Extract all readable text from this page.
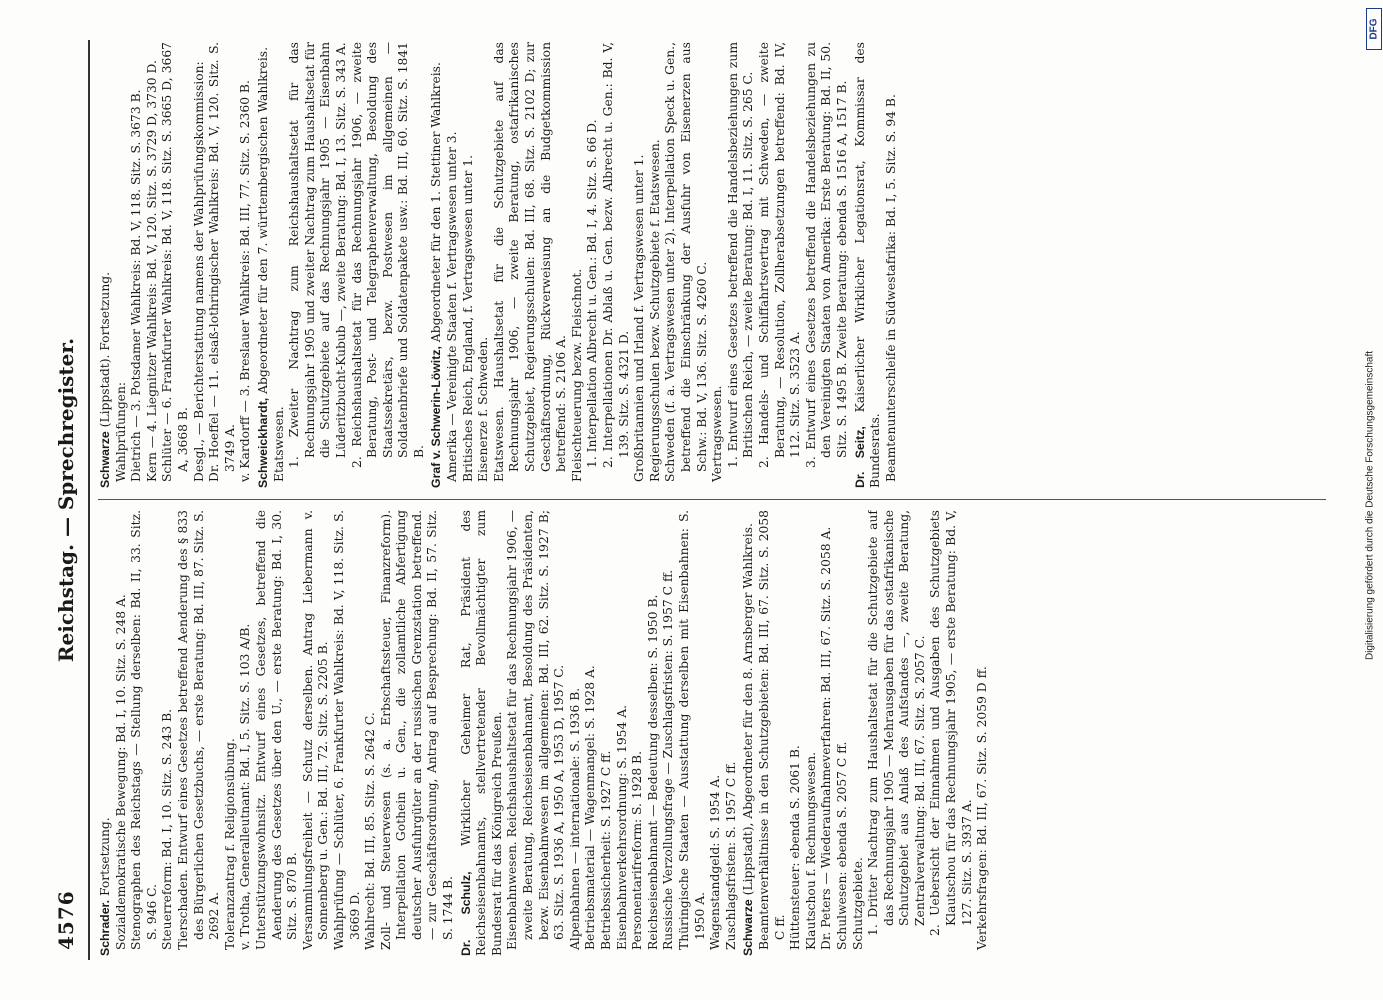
4576
Reichstag. — Sprechregister.

Schrader. Fortsetzung. Sozialdemokratische Bewegung: Bd. I, 10. Sitz. S. 248 A. Stenographen des Reichstags — Stellung derselben: Bd. II, 33. Sitz. S. 946 C. Steuerreform: Bd. I, 10. Sitz. S. 243 B. Tierschaden. Entwurf eines Gesetzes betreffend Aenderung des § 833 des Bürgerlichen Gesetzbuchs, — erste Beratung: Bd. III, 87. Sitz. S. 2692 A. Toleranzantrag f. Religionsübung. v. Trotha, Generalleutnant: Bd. I, 5. Sitz. S. 103 A/B. Unterstützungswohnsitz. Entwurf eines Gesetzes, betreffend die Aenderung des Gesetzes über den U., — erste Beratung: Bd. I, 30. Sitz. S. 870 B. Versammlungsfreiheit — Schutz derselben. Antrag Liebermann v. Sonnenberg u. Gen.: Bd. III, 72. Sitz. S. 2205 B. Wahlprüfung — Schlüter, 6. Frankfurter Wahlkreis: Bd. V, 118. Sitz. S. 3669 D. Wahlrecht: Bd. III, 85. Sitz. S. 2642 C. Zoll- und Steuerwesen (s. a. Erbschaftssteuer, Finanzreform). Interpellation Gothein u. Gen., die zollamtliche Abfertigung deutscher Ausfuhrgüter an der russischen Grenzstation betreffend. — zur Geschäftsordnung, Antrag auf Besprechung: Bd. II, 57. Sitz. S. 1744 B. Dr. Schulz, Wirklicher Geheimer Rat, Präsident des Reichseisenbahnamts, stellvertretender Bevollmächtigter zum Bundesrat für das Königreich Preußen. Eisenbahnwesen. Reichshaushaltsetat für das Rechnungsjahr 1906, — zweite Beratung, Reichseisenbahnamt, Besoldung des Präsidenten, bezw. Eisenbahnwesen im allgemeinen: Bd. III, 62. Sitz. S. 1927 B; 63. Sitz. S. 1936 A, 1950 A, 1953 D, 1957 C. Alpenbahnen — internationale: S. 1936 B. Betriebsmaterial — Wagenmangel: S. 1928 A. Betriebssicherheit: S. 1927 C ff. Eisenbahnverkehrsordnung: S. 1954 A. Personentarifreform: S. 1928 B. Reichseisenbahnamt — Bedeutung desselben: S. 1950 B. Russische Verzollungsfrage — Zuschlagsfristen: S. 1957 C ff. Thüringische Staaten — Ausstattung derselben mit Eisenbahnen: S. 1950 A. Wagenstandgeld: S. 1954 A. Zuschlagsfristen: S. 1957 C ff. Schwarze (Lippstadt), Abgeordneter für den 8. Arnsberger Wahlkreis. Beamtenverhältnisse in den Schutzgebieten: Bd. III, 67. Sitz. S. 2058 C ff. Hüttensteuer: ebenda S. 2061 B. Klautschou f. Rechnungswesen. Dr. Peters — Wiederaufnahmeverfahren: Bd. III, 67. Sitz. S. 2058 A. Schulwesen: ebenda S. 2057 C ff. Schutzgebiete. 1. Dritter Nachtrag zum Haushaltsetat für die Schutzgebiete auf das Rechnungsjahr 1905 — Mehrausgaben für das ostafrikanische Schutzgebiet aus Anlaß des Aufstandes —, zweite Beratung, Zentralverwaltung: Bd. III, 67. Sitz. S. 2057 C. 2. Uebersicht der Einnahmen und Ausgaben des Schutzgebiets Klautschou für das Rechnungsjahr 1905, — erste Beratung: Bd. V, 127. Sitz. S. 3937 A. Verkehrsfragen: Bd. III, 67. Sitz. S. 2059 D ff.

Schwarze (Lippstadt). Fortsetzung.

Wahlprüfungen: Dietrich — 3. Potsdamer Wahlkreis: Bd. V, 118. Sitz. S. 3673 B. Kern — 4. Liegnitzer Wahlkreis: Bd. V, 120. Sitz. S. 3729 D, 3730 D. Schlüter — 6. Frankfurter Wahlkreis: Bd. V, 118. Sitz. S. 3665 D, 3667 A, 3668 B. Desgl., — Berichterstattung namens der Wahlprüfungskommission: Dr. Hoeffel — 11. elsaß-lothringischer Wahlkreis: Bd. V, 120. Sitz. S. 3749 A. v. Kardorff — 3. Breslauer Wahlkreis: Bd. III, 77. Sitz. S. 2360 B. Schweickhardt, Abgeordneter für den 7. württembergischen Wahlkreis.

Etatswesen. 1. Zweiter Nachtrag zum Reichshaushaltsetat für das Rechnungsjahr 1905 und zweiter Nachtrag zum Haushaltsetat für die Schutzgebiete auf das Rechnungsjahr 1905 — Eisenbahn Lüderitzbucht-Kubub —, zweite Beratung: Bd. I, 13. Sitz. S. 343 A. 2. Reichshaushaltsetat für das Rechnungsjahr 1906, — zweite Beratung, Post- und Telegraphenverwaltung, Besoldung des Staatssekretärs, bezw. Postwesen im allgemeinen — Soldatenbriefe und Soldatenpakete usw.: Bd. III, 60. Sitz. S. 1841 B. Graf v. Schwerin-Löwitz, Abgeordneter für den 1. Stettiner Wahlkreis. Amerika — Vereinigte Staaten f. Vertragswesen unter 3. Britisches Reich, England, f. Vertragswesen unter 1. Eisenerze f. Schweden. Etatswesen. Haushaltsetat für die Schutzgebiete auf das Rechnungsjahr 1906, — zweite Beratung, ostafrikanisches Schutzgebiet, Regierungsschulen: Bd. III, 68. Sitz. S. 2102 D; zur Geschäftsordnung, Rückverweisung an die Budgetkommission betreffend: S. 2106 A. Fleischteuerung bezw. Fleischnot. 1. Interpellation Albrecht u. Gen.: Bd. I, 4. Sitz. S. 66 D. 2. Interpellationen Dr. Ablaß u. Gen. bezw. Albrecht u. Gen.: Bd. V, 139. Sitz. S. 4321 D. Großbritannien und Irland f. Vertragswesen unter 1. Regierungsschulen bezw. Schutzgebiete f. Etatswesen. Schweden (f. a. Vertragswesen unter 2). Interpellation Speck u. Gen., betreffend die Einschränkung der Ausfuhr von Eisenerzen aus Schw.: Bd. V, 136. Sitz. S. 4260 C. Vertragswesen. 1. Entwurf eines Gesetzes betreffend die Handelsbeziehungen zum Britischen Reich, — zweite Beratung: Bd. I, 11. Sitz. S. 265 C. 2. Handels- und Schiffahrtsvertrag mit Schweden, — zweite Beratung, — Resolution, Zollherabsetzungen betreffend: Bd. IV, 112. Sitz. S. 3523 A. 3. Entwurf eines Gesetzes betreffend die Handelsbeziehungen zu den Vereinigten Staaten von Amerika: Erste Beratung: Bd. II, 50. Sitz. S. 1495 B. Zweite Beratung: ebenda S. 1516 A, 1517 B. Dr. Seitz, Kaiserlicher Wirklicher Legationsrat, Kommissar des Bundesrats. Beamtenunterschleife in Südwestafrika: Bd. I, 5. Sitz. S. 94 B.

DFG
Digitalisierung gefördert durch die Deutsche Forschungsgemeinschaft
